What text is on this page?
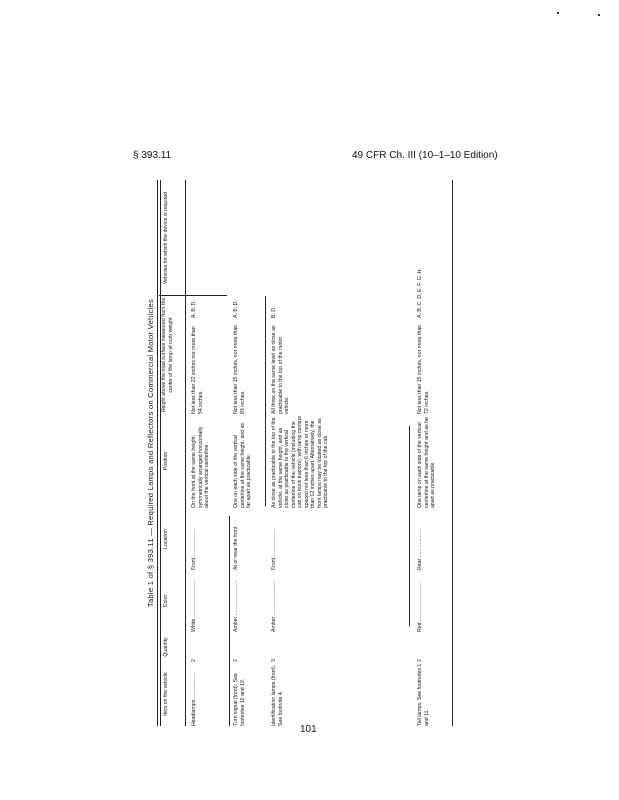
§ 393.11	49 CFR Ch. III (10–1–10 Edition)
Table 1 of § 393.11 — Required Lamps and Reflectors on Commercial Motor Vehicles
Item on the vehicle
Quantity
Color
Location
Position
Height above the road surface measured from the center of the lamp at curb weight
Vehicles for which the device is required
Headlamps ..................
2
White ..........................
Front ...................
On the front at the same height, symmetrically arranged horizontally about the vertical centerline.
Not less than 22 inches nor more than 54 inches.
A, B, D.
Turn signal (front), See footnotes 10 and 12.
2
Amber ........................
At or near the front.
One on each side of the vertical centerline at the same height, and as far apart as practicable.
Not less than 15 inches, nor more than 83 inches.
A, B, D.
Identification lamps (front), See footnote 4.
3
Amber ........................
Front ...................
As close as practicable to the top of the vehicle, at the same height, and as close as practicable to the vertical centerline of the vehicle (including the cab on truck tractors), with lamp centers spaced not less than 6 inches or more than 12 inches apart. Alternatively, the front lamps may be located as close as practicable to the top of the cab.
All three on the same level as close as practicable to the top of the motor vehicle.
B, D.
Tail lamps, See footnotes 1 and 11.
2
Red ...........................
Rear ...................
One lamp on each side of the vertical centerline at the same height and as far apart as practicable.
Not less than 15 inches, nor more than 72 inches.
A, B, C, D, E, F, G, H.
101
